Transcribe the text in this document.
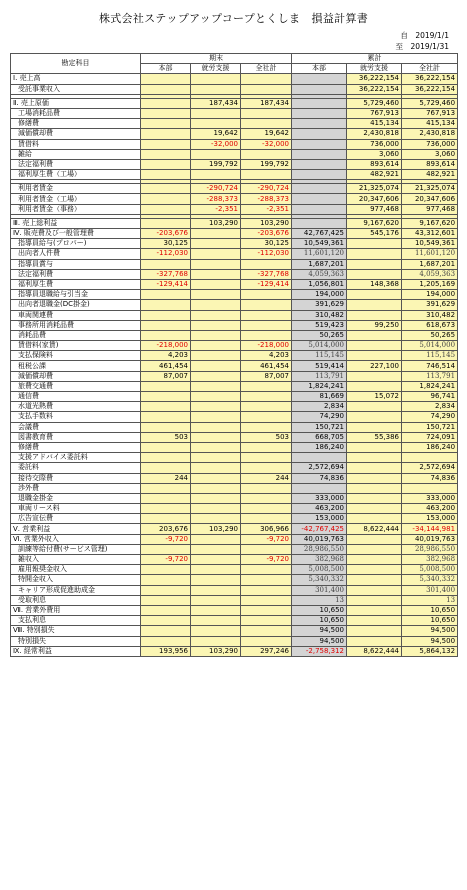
株式会社ステップアップコープとくしま　損益計算書
自　 2019/1/1
至　 2019/1/31
勘定科目	期末			累計		
	本部	就労支援	全社計	本部	就労支援	全社計
Ⅰ. 売上高					36,222,154	36,222,154
受託事業収入					36,222,154	36,222,154

Ⅱ. 売上原価		187,434	187,434		5,729,460	5,729,460
工場消耗品費					767,913	767,913
修繕費					415,134	415,134
減価償却費		19,642	19,642		2,430,818	2,430,818
賃借料		-32,000	-32,000		736,000	736,000
雑給					3,060	3,060
法定福利費		199,792	199,792		893,614	893,614
福利厚生費（工場）					482,921	482,921

利用者賃金		-290,724	-290,724		21,325,074	21,325,074
利用者賃金（工場）		-288,373	-288,373		20,347,606	20,347,606
利用者賃金（事務）		-2,351	-2,351		977,468	977,468

Ⅲ. 売上総利益		103,290	103,290		9,167,620	9,167,620
Ⅳ. 販売費及び一般管理費	-203,676		-203,676	42,767,425	545,176	43,312,601
指導員給与(プロパー)	30,125		30,125	10,549,361		10,549,361
出向者人件費	-112,030		-112,030	11,601,120		11,601,120
指導員賞与				1,687,201		1,687,201
法定福利費	-327,768		-327,768	4,059,363		4,059,363
福利厚生費	-129,414		-129,414	1,056,801	148,368	1,205,169
指導員退職給与引当金				194,000		194,000
出向者退職金(DC掛金)				391,629		391,629
車両関連費				310,482		310,482
事務所用消耗品費				519,423	99,250	618,673
消耗品費				50,265		50,265
賃借料(家賃)	-218,000		-218,000	5,014,000		5,014,000
支払保険料	4,203		4,203	115,145		115,145
租税公課	461,454		461,454	519,414	227,100	746,514
減価償却費	87,007		87,007	113,791		113,791
旅費交通費				1,824,241		1,824,241
通信費				81,669	15,072	96,741
水道光熱費				2,834		2,834
支払手数料				74,290		74,290
会議費				150,721		150,721
図書教育費	503		503	668,705	55,386	724,091
修繕費				186,240		186,240
支援アドバイス委託料						
委託料				2,572,694		2,572,694
接待交際費	244		244	74,836		74,836
渉外費						
退職金掛金				333,000		333,000
車両リース料				463,200		463,200
広告宣伝費				153,000		153,000
Ⅴ. 営業利益	203,676	103,290	306,966	-42,767,425	8,622,444	-34,144,981
Ⅵ. 営業外収入	-9,720		-9,720	40,019,763		40,019,763
訓練等給付費(サービス管理)				28,986,550		28,986,550
雑収入	-9,720		-9,720	382,968		382,968
雇用報奨金収入				5,008,500		5,008,500
特開金収入				5,340,332		5,340,332
キャリア形成促進助成金				301,400		301,400
受取利息				13		13
Ⅶ. 営業外費用				10,650		10,650
支払利息				10,650		10,650
Ⅷ. 特別損失				94,500		94,500
特別損失				94,500		94,500
Ⅸ. 経常利益	193,956	103,290	297,246	-2,758,312	8,622,444	5,864,132
